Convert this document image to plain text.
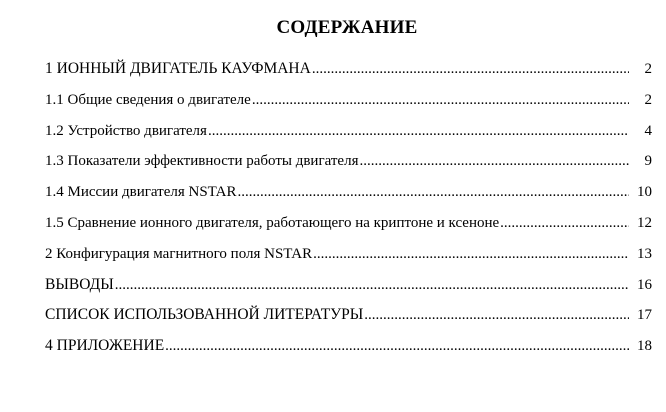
СОДЕРЖАНИЕ
1 ИОННЫЙ ДВИГАТЕЛЬ КАУФМАНА .....	2
1.1 Общие сведения о двигателе .....	2
1.2 Устройство двигателя .....	4
1.3 Показатели эффективности работы двигателя .....	9
1.4 Миссии двигателя NSTAR .....	10
1.5 Сравнение ионного двигателя, работающего на криптоне и ксеноне .....	12
2 Конфигурация магнитного поля NSTAR .....	13
ВЫВОДЫ .....	16
СПИСОК ИСПОЛЬЗОВАННОЙ ЛИТЕРАТУРЫ .....	17
4 ПРИЛОЖЕНИЕ .....	18
